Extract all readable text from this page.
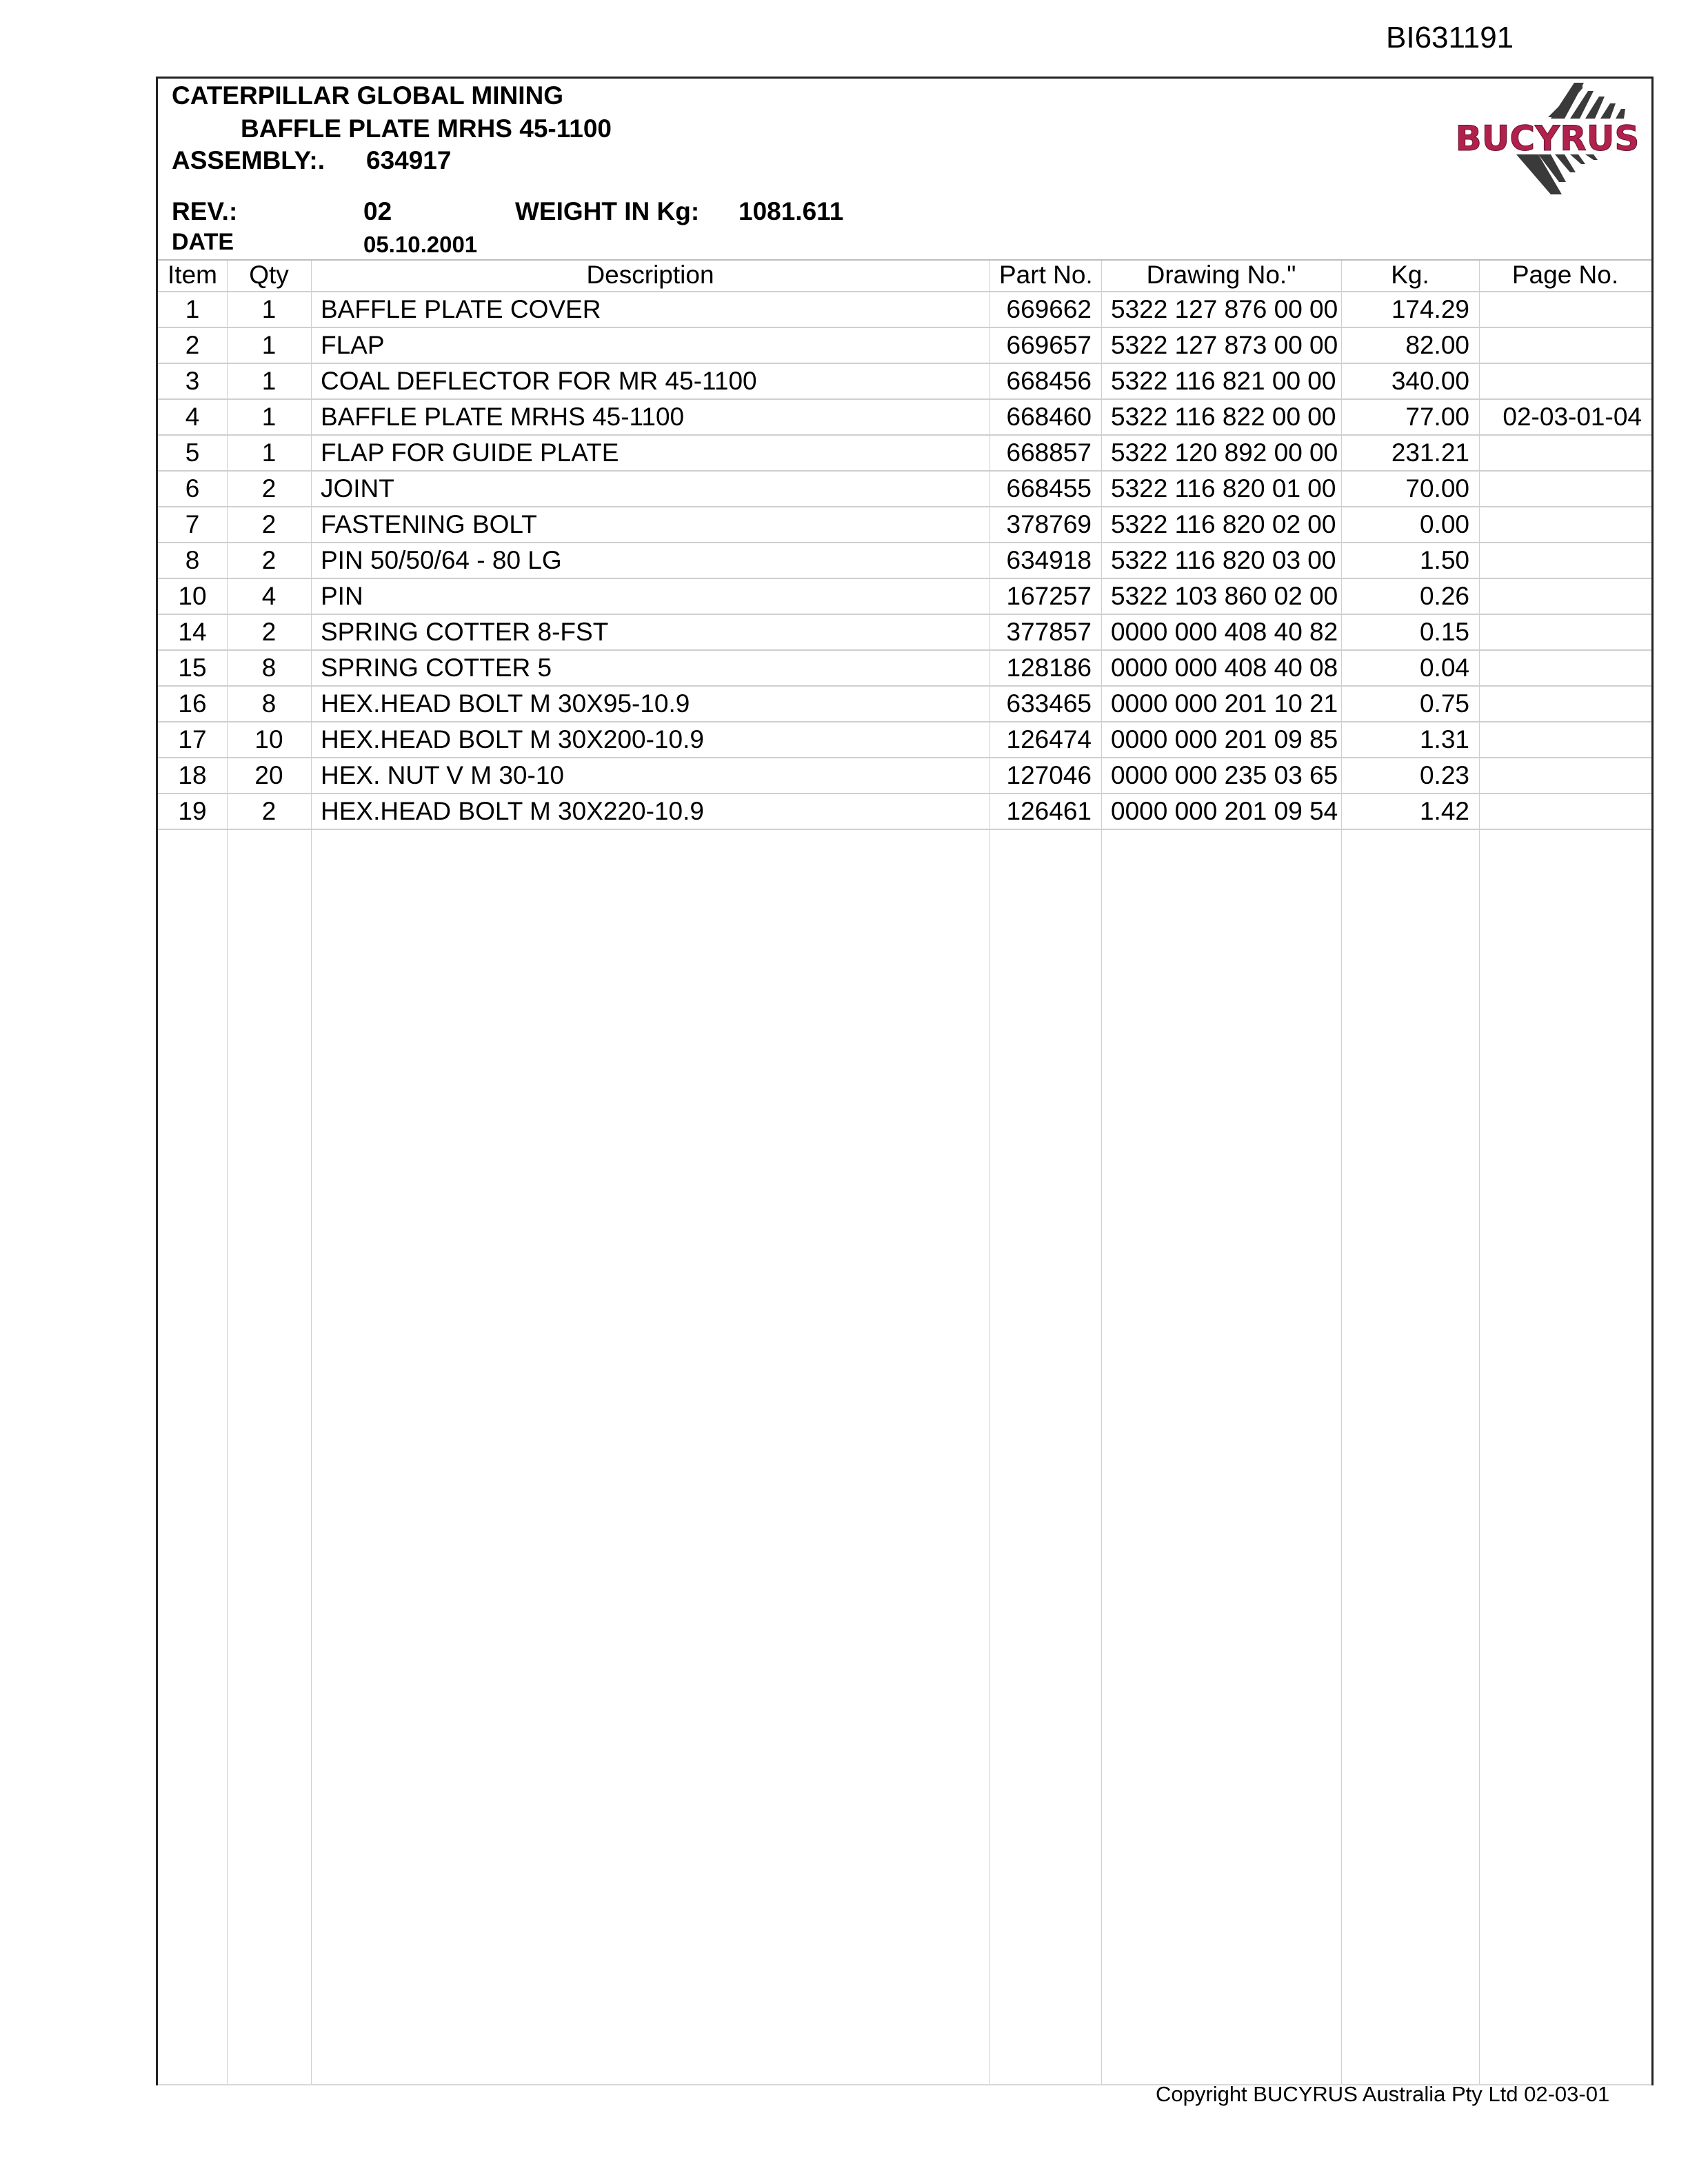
BI631191
CATERPILLAR GLOBAL MINING
BAFFLE PLATE MRHS 45-1100
ASSEMBLY:. 634917
REV.:	02	WEIGHT IN Kg: 1081.611
DATE	05.10.2001
BUCYRUS
Item	Qty	Description	Part No.	Drawing No."	Kg.	Page No.
1	1	BAFFLE PLATE COVER	669662 5322 127 876 00 00	174.29
2	1	FLAP	669657 5322 127 873 00 00	82.00
3	1	COAL DEFLECTOR FOR MR 45-1100	668456 5322 116 821 00 00	340.00
4	1	BAFFLE PLATE MRHS 45-1100	668460 5322 116 822 00 00	77.00	02-03-01-04
5	1	FLAP FOR GUIDE PLATE	668857 5322 120 892 00 00	231.21
6	2	JOINT	668455 5322 116 820 01 00	70.00
7	2	FASTENING BOLT	378769 5322 116 820 02 00	0.00
8	2	PIN 50/50/64 - 80 LG	634918 5322 116 820 03 00	1.50
10	4	PIN	167257 5322 103 860 02 00	0.26
14	2	SPRING COTTER 8-FST	377857 0000 000 408 40 82	0.15
15	8	SPRING COTTER 5	128186 0000 000 408 40 08	0.04
16	8	HEX.HEAD BOLT M 30X95-10.9	633465 0000 000 201 10 21	0.75
17	10	HEX.HEAD BOLT M 30X200-10.9	126474 0000 000 201 09 85	1.31
18	20	HEX. NUT V M 30-10	127046 0000 000 235 03 65	0.23
19	2	HEX.HEAD BOLT M 30X220-10.9	126461 0000 000 201 09 54	1.42
Copyright BUCYRUS Australia Pty Ltd 02-03-01
